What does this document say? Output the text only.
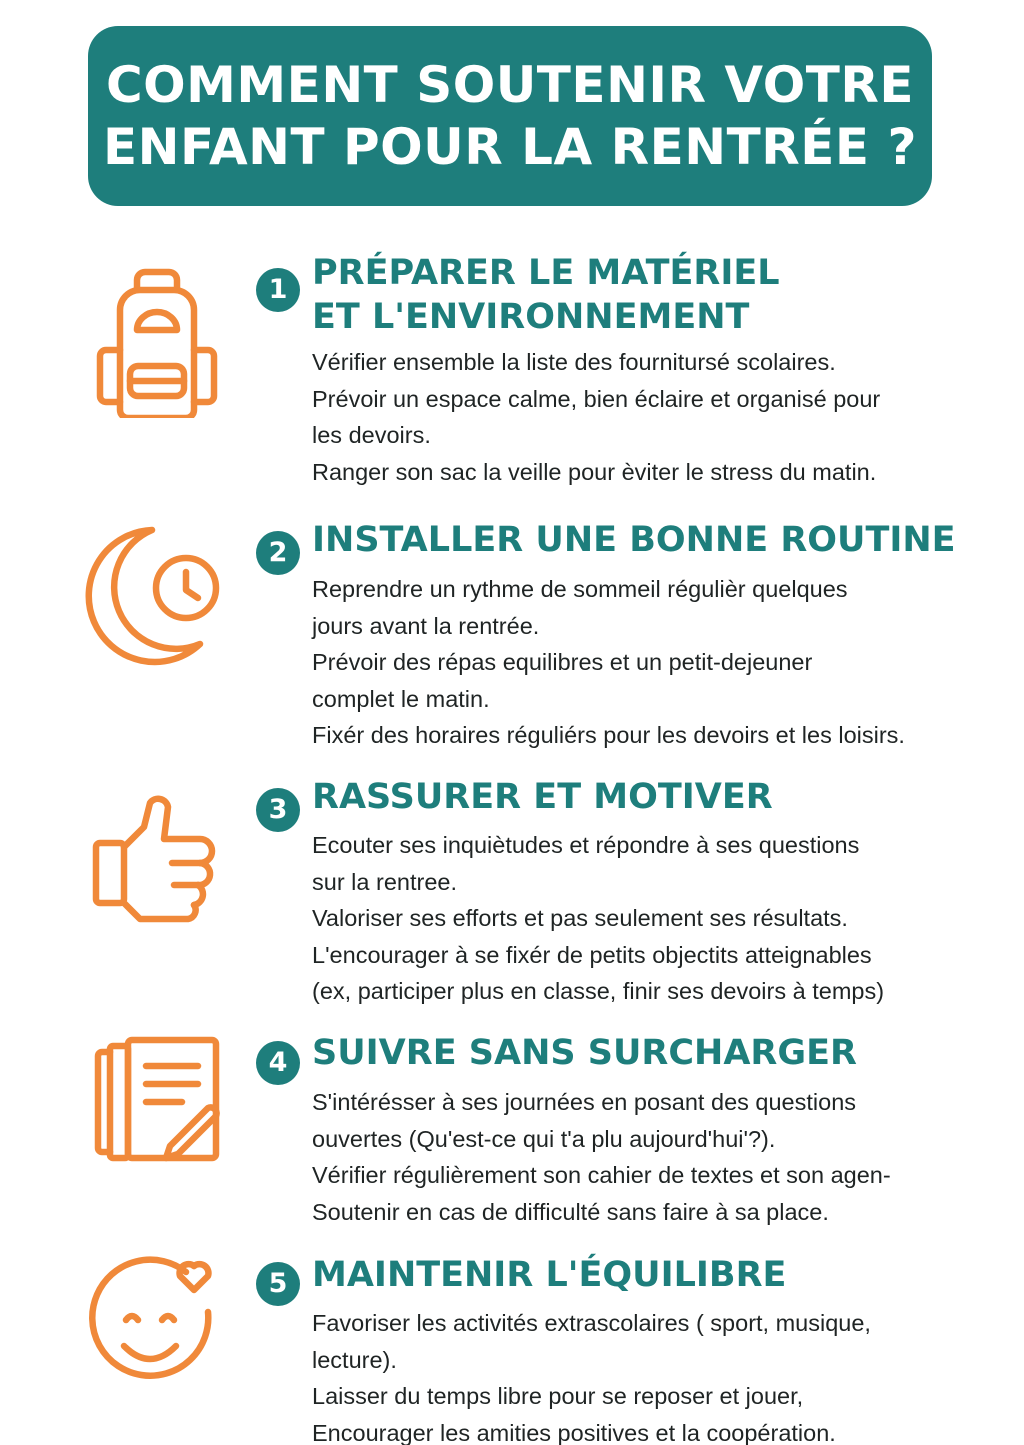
COMMENT SOUTENIR VOTRE
ENFANT POUR LA RENTRÉE ?
1 PRÉPARER LE MATÉRIEL
ET L'ENVIRONNEMENT

Vérifier ensemble la liste des fournitursé scolaires.

Prévoir un espace calme, bien éclaire et organisé pour

les devoirs.

Ranger son sac la veille pour èviter le stress du matin.

2 INSTALLER UNE BONNE ROUTINE

Reprendre un rythme de sommeil régulièr quelques

jours avant la rentrée.

Prévoir des répas equilibres et un petit-dejeuner

complet le matin.

Fixér des horaires réguliérs pour les devoirs et les loisirs.

3 RASSURER ET MOTIVER

Ecouter ses inquiètudes et répondre à ses questions

sur la rentree.

Valoriser ses efforts et pas seulement ses résultats.

L'encourager à se fixér de petits objectits atteignables

(ex, participer plus en classe, finir ses devoirs à temps)

4 SUIVRE SANS SURCHARGER

S'intérésser à ses journées en posant des questions

ouvertes (Qu'est-ce qui t'a plu aujourd'hui'?).

Vérifier régulièrement son cahier de textes et son agen-

Soutenir en cas de difficulté sans faire à sa place.

5 MAINTENIR L'ÉQUILIBRE

Favoriser les activités extrascolaires ( sport, musique,

lecture).

Laisser du temps libre pour se reposer et jouer,

Encourager les amities positives et la coopération.
